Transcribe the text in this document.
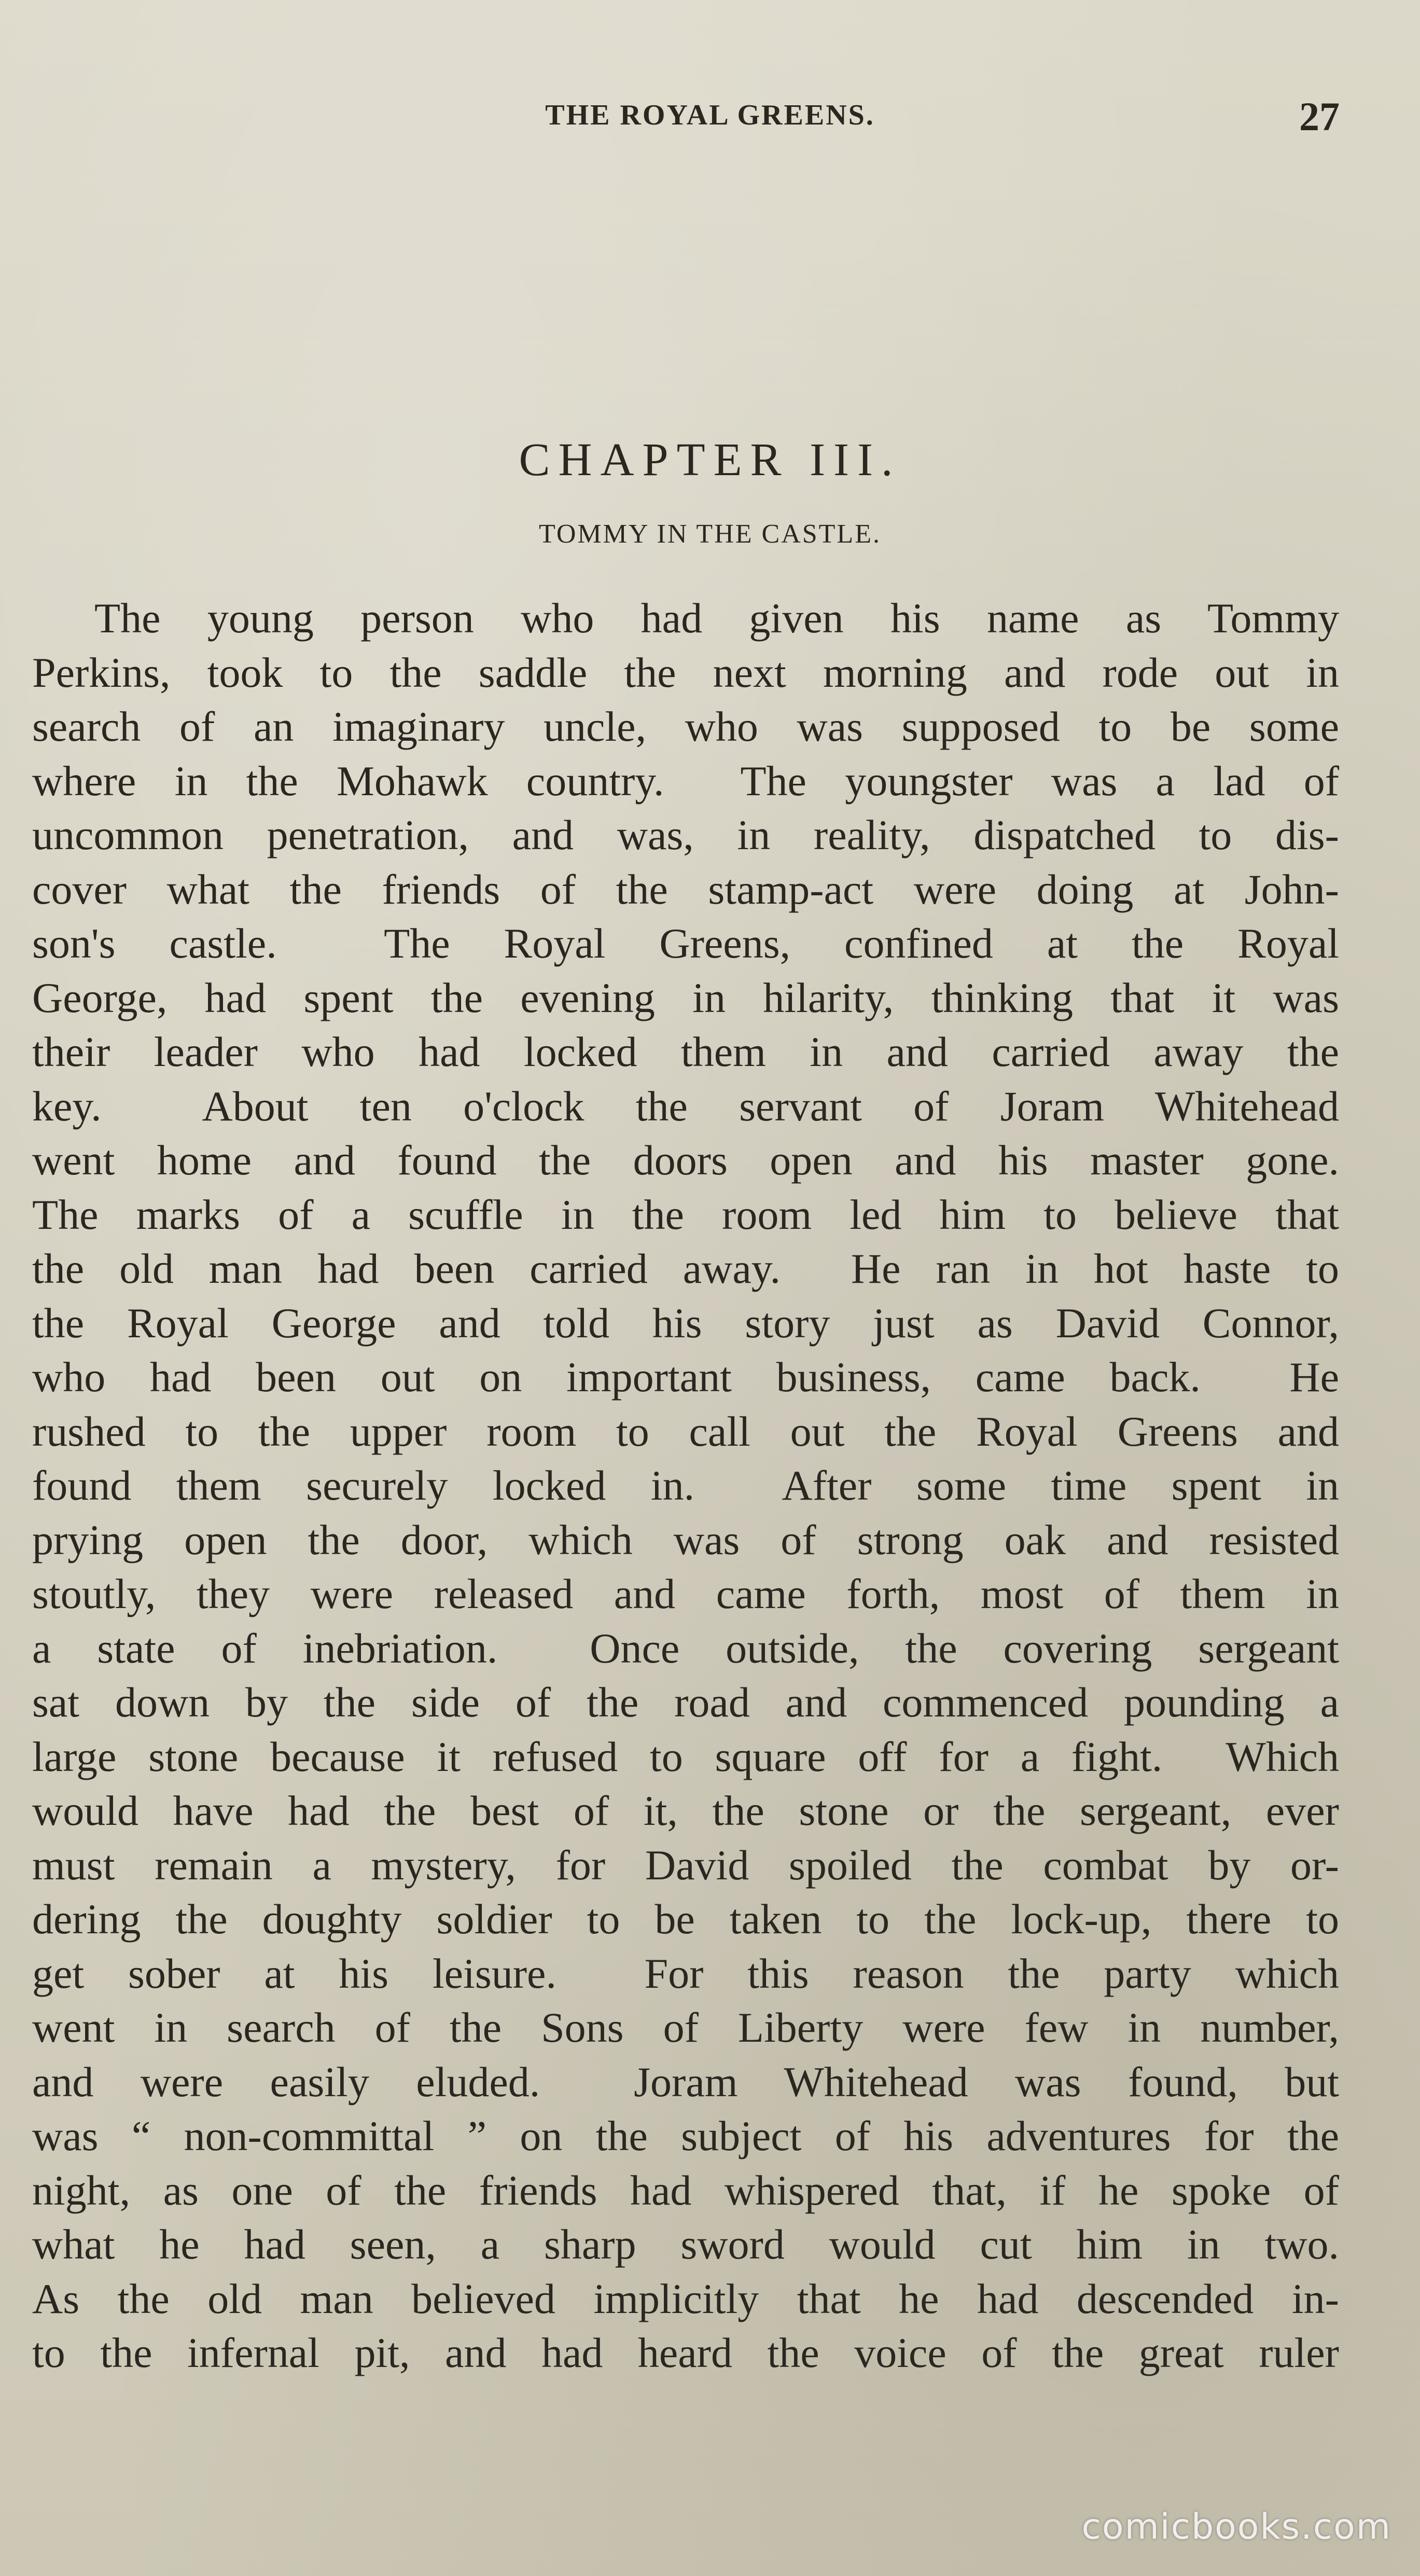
THE ROYAL GREENS.	27
CHAPTER III.
TOMMY IN THE CASTLE.
The young person who had given his name as Tommy
Perkins, took to the saddle the next morning and rode out in
search of an imaginary uncle, who was supposed to be some
where in the Mohawk country.  The youngster was a lad of
uncommon penetration, and was, in reality, dispatched to dis-
cover what the friends of the stamp-act were doing at John-
son's castle.  The Royal Greens, confined at the Royal
George, had spent the evening in hilarity, thinking that it was
their leader who had locked them in and carried away the
key.  About ten o'clock the servant of Joram Whitehead
went home and found the doors open and his master gone.
The marks of a scuffle in the room led him to believe that
the old man had been carried away.  He ran in hot haste to
the Royal George and told his story just as David Connor,
who had been out on important business, came back.  He
rushed to the upper room to call out the Royal Greens and
found them securely locked in.  After some time spent in
prying open the door, which was of strong oak and resisted
stoutly, they were released and came forth, most of them in
a state of inebriation.  Once outside, the covering sergeant
sat down by the side of the road and commenced pounding a
large stone because it refused to square off for a fight.  Which
would have had the best of it, the stone or the sergeant, ever
must remain a mystery, for David spoiled the combat by or-
dering the doughty soldier to be taken to the lock-up, there to
get sober at his leisure.  For this reason the party which
went in search of the Sons of Liberty were few in number,
and were easily eluded.  Joram Whitehead was found, but
was “ non-committal ” on the subject of his adventures for the
night, as one of the friends had whispered that, if he spoke of
what he had seen, a sharp sword would cut him in two.
As the old man believed implicitly that he had descended in-
to the infernal pit, and had heard the voice of the great ruler
comicbooks.com
